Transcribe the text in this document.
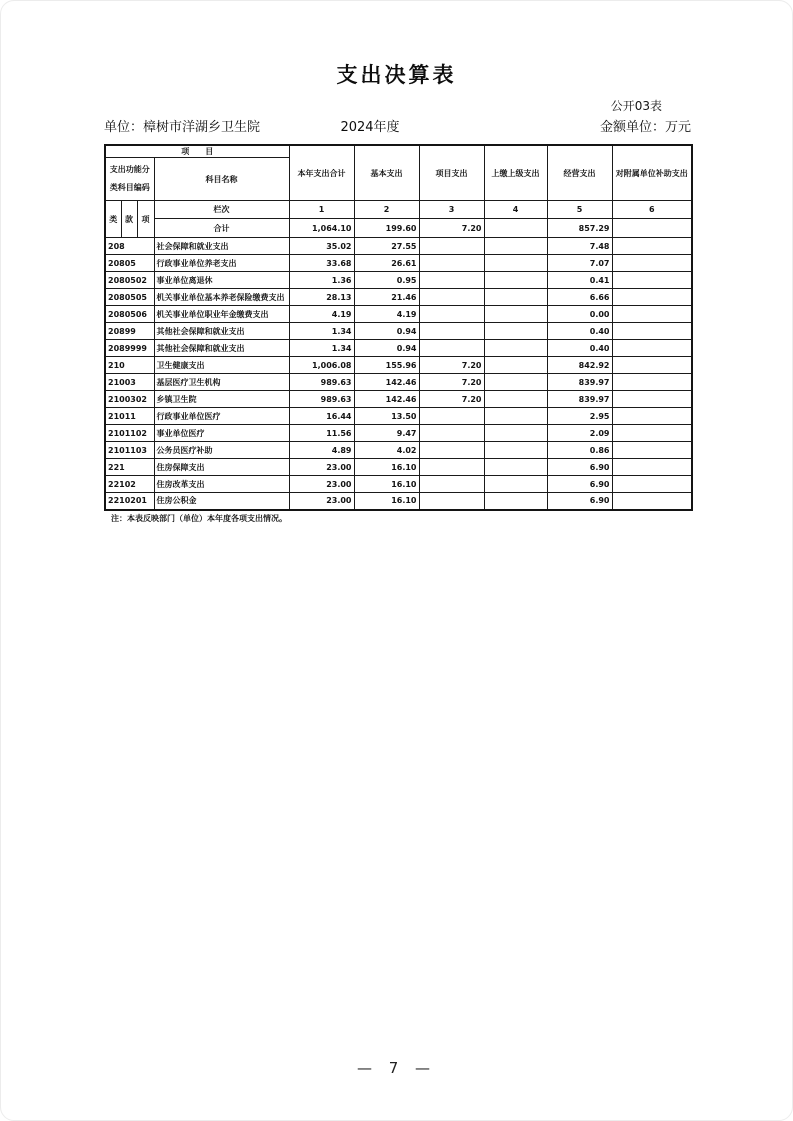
支出决算表
公开03表
单位：樟树市洋湖乡卫生院	2024年度	金额单位：万元
项　　目				本年支出合计	基本支出	项目支出	上缴上级支出	经营支出	对附属单位补助支出

支出功能分
类科目编码			科目名称						
类	款	项	栏次	1	2	3	4	5	6
			合计	1,064.10	199.60	7.20		857.29	
208			社会保障和就业支出	35.02	27.55			7.48	
20805			行政事业单位养老支出	33.68	26.61			7.07	
2080502			事业单位离退休	1.36	0.95			0.41	
2080505			机关事业单位基本养老保险缴费支出	28.13	21.46			6.66	
2080506			机关事业单位职业年金缴费支出	4.19	4.19			0.00	
20899			其他社会保障和就业支出	1.34	0.94			0.40	
2089999			其他社会保障和就业支出	1.34	0.94			0.40	
210			卫生健康支出	1,006.08	155.96	7.20		842.92	
21003			基层医疗卫生机构	989.63	142.46	7.20		839.97	
2100302			乡镇卫生院	989.63	142.46	7.20		839.97	
21011			行政事业单位医疗	16.44	13.50			2.95	
2101102			事业单位医疗	11.56	9.47			2.09	
2101103			公务员医疗补助	4.89	4.02			0.86	
221			住房保障支出	23.00	16.10			6.90	
22102			住房改革支出	23.00	16.10			6.90	
2210201			住房公积金	23.00	16.10			6.90	
注：本表反映部门（单位）本年度各项支出情况。
— 7 —
